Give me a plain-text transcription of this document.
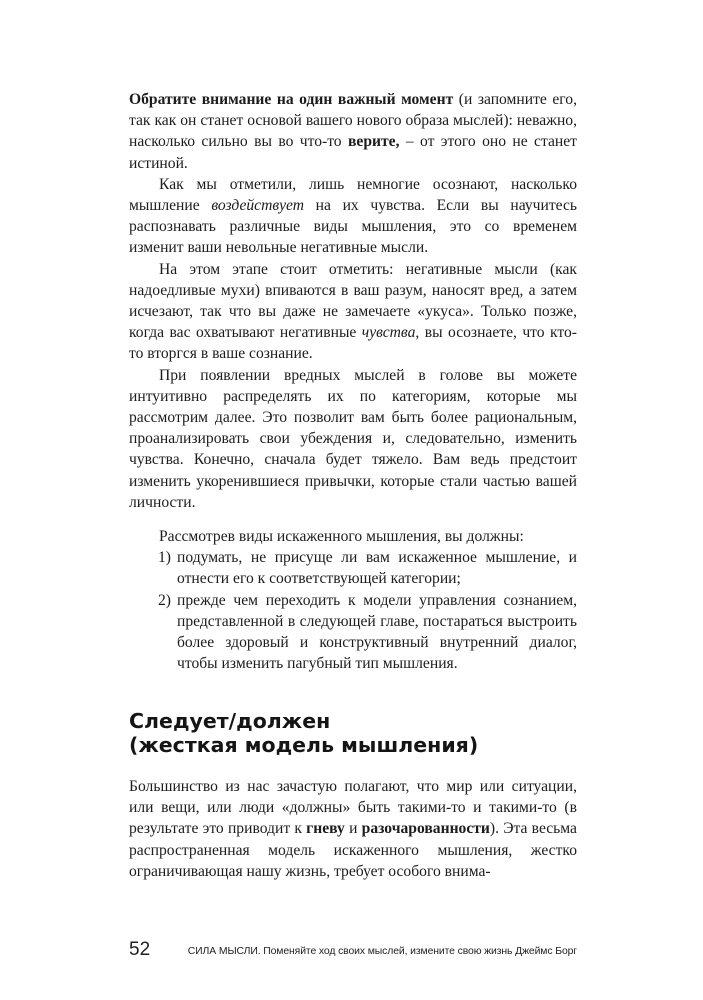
Обратите внимание на один важный момент (и запомните его, так как он станет основой вашего нового образа мыслей): неважно, насколько сильно вы во что-то верите, – от этого оно не станет истиной.

Как мы отметили, лишь немногие осознают, насколько мышление воздействует на их чувства. Если вы научитесь распознавать различные виды мышления, это со временем изменит ваши невольные негативные мысли.

На этом этапе стоит отметить: негативные мысли (как надоедливые мухи) впиваются в ваш разум, наносят вред, а затем исчезают, так что вы даже не замечаете «укуса». Только позже, когда вас охватывают негативные чувства, вы осознаете, что кто-то вторгся в ваше сознание.

При появлении вредных мыслей в голове вы можете интуитивно распределять их по категориям, которые мы рассмотрим далее. Это позволит вам быть более рациональным, проанализировать свои убеждения и, следовательно, изменить чувства. Конечно, сначала будет тяжело. Вам ведь предстоит изменить укоренившиеся привычки, которые стали частью вашей личности.

Рассмотрев виды искаженного мышления, вы должны:

1) подумать, не присуще ли вам искаженное мышление, и отнести его к соответствующей категории;
2) прежде чем переходить к модели управления сознанием, представленной в следующей главе, постараться выстроить более здоровый и конструктивный внутренний диалог, чтобы изменить пагубный тип мышления.
Следует/должен
(жесткая модель мышления)

Большинство из нас зачастую полагают, что мир или ситуации, или вещи, или люди «должны» быть такими-то и такими-то (в результате это приводит к гневу и разочарованности). Эта весьма распространенная модель искаженного мышления, жестко ограничивающая нашу жизнь, требует особого внима-

52	СИЛА МЫСЛИ. Поменяйте ход своих мыслей, измените свою жизнь Джеймс Борг
